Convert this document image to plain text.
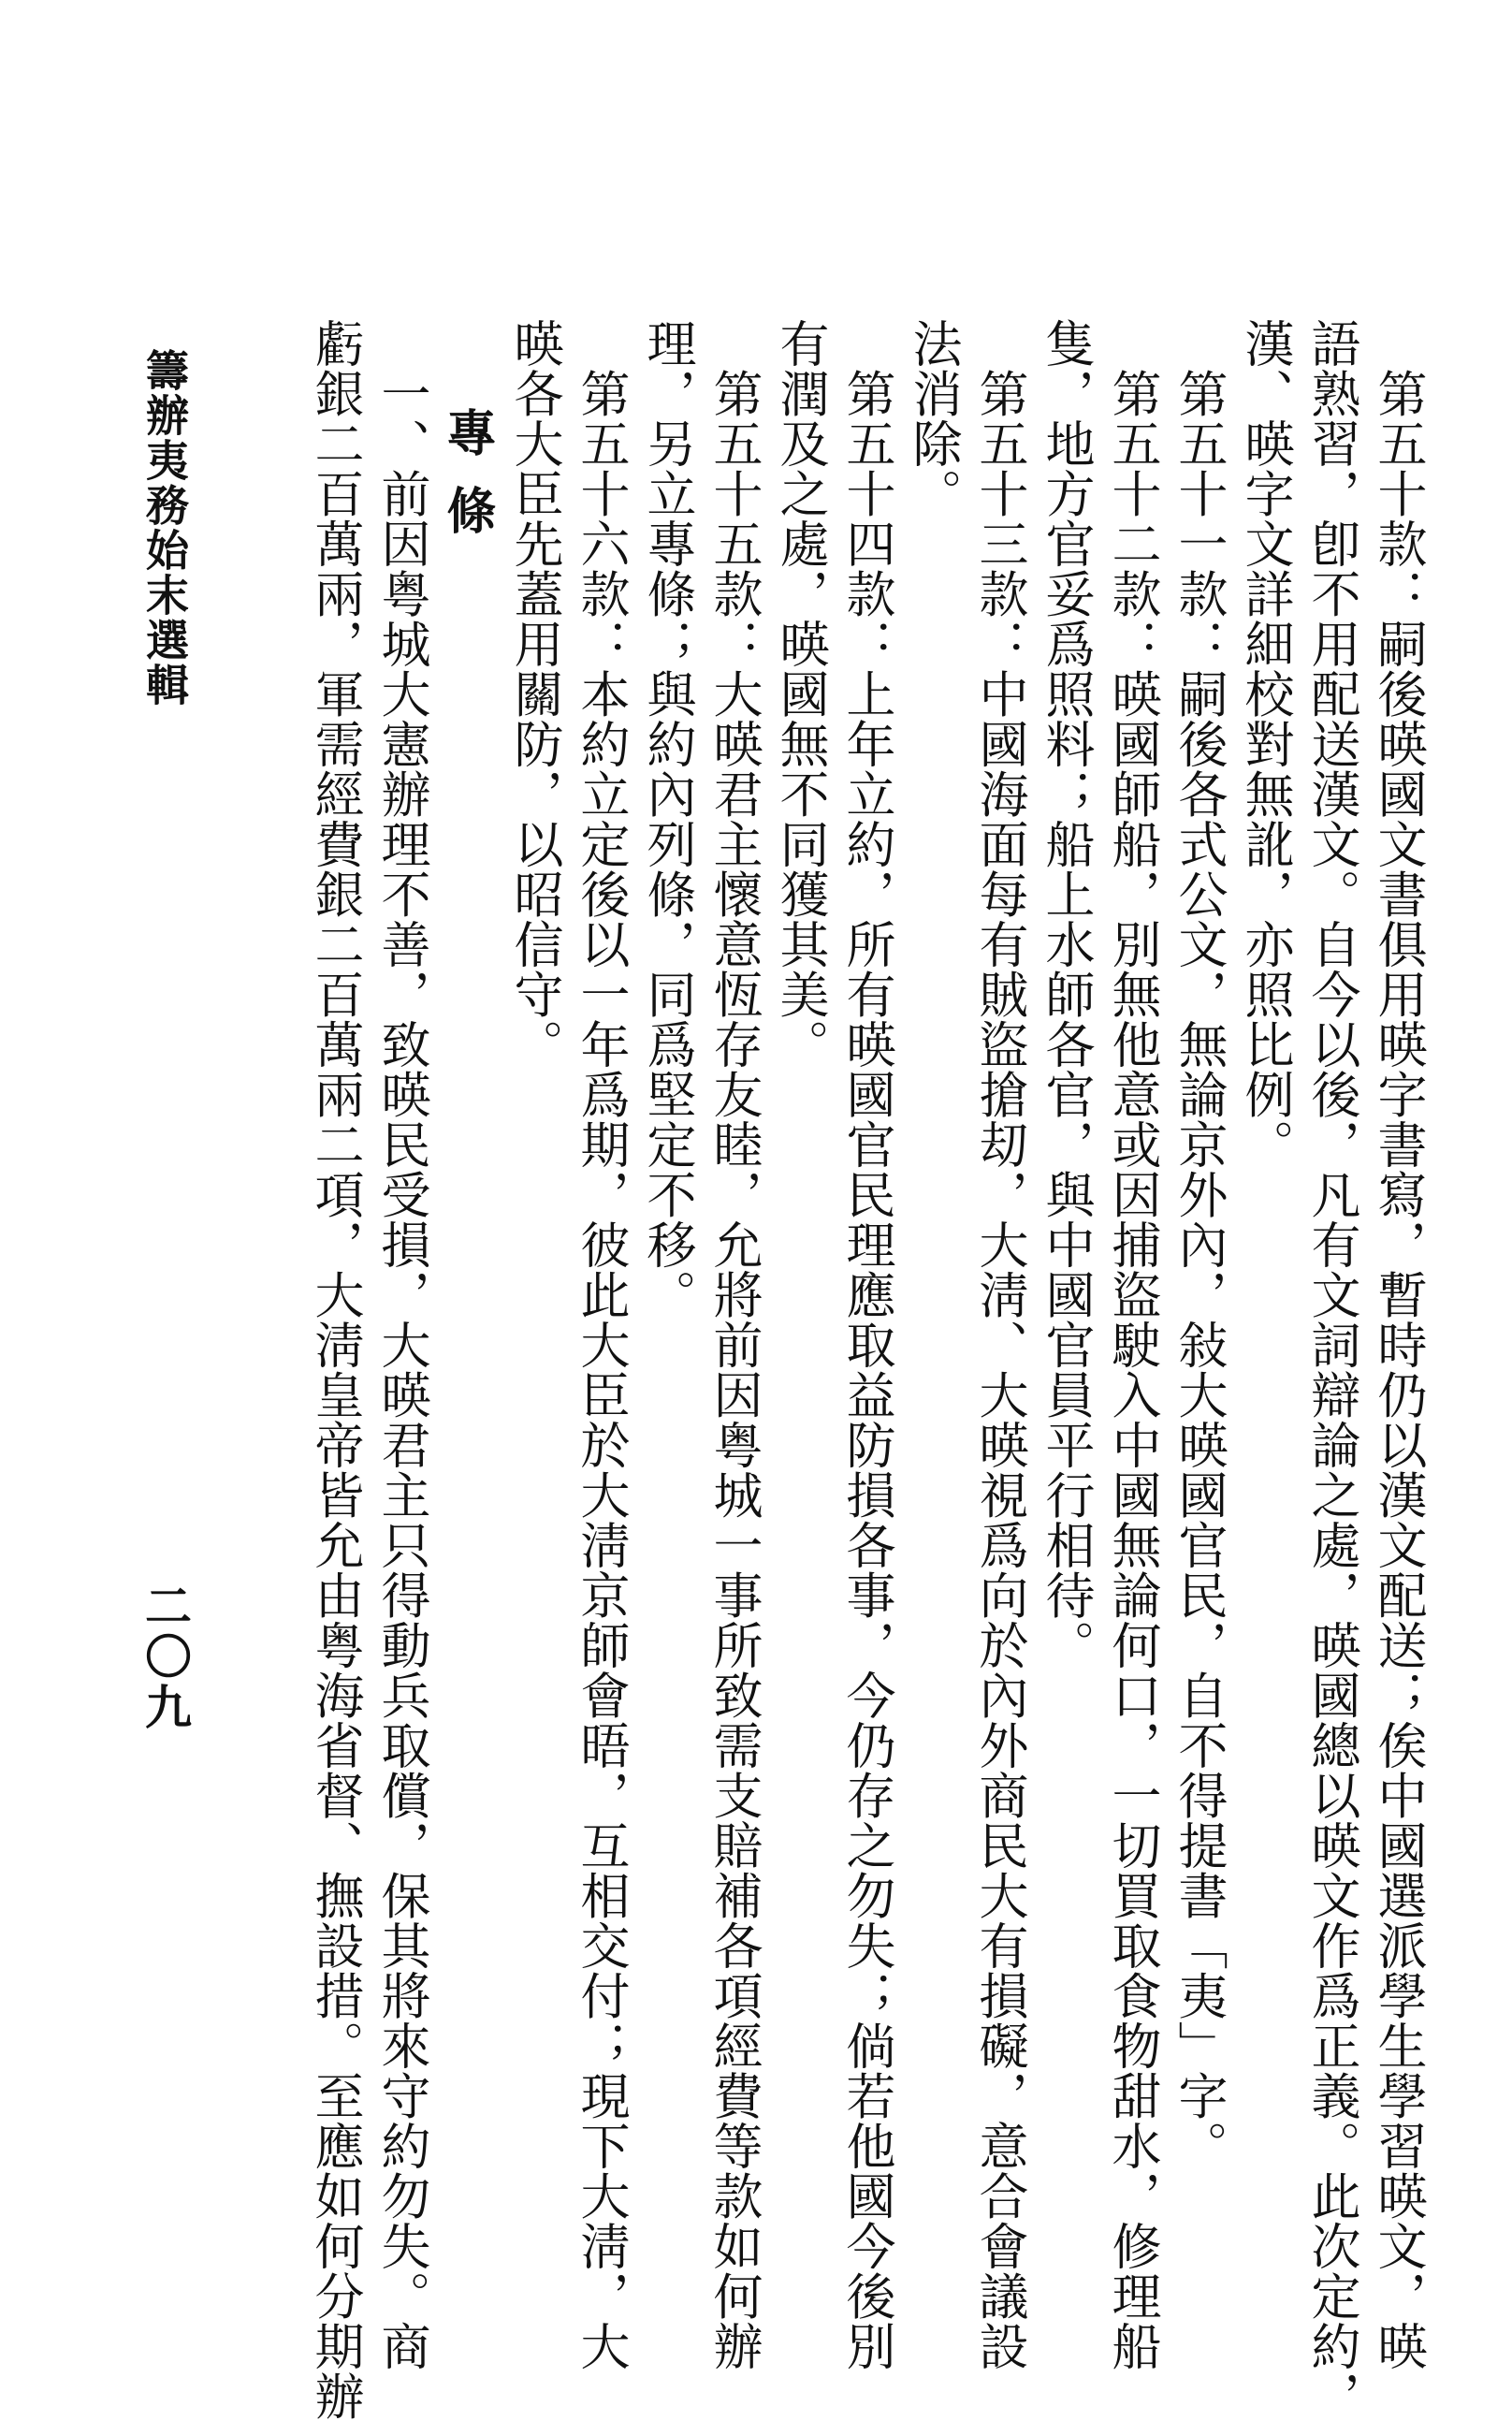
　第五十款：嗣後暎國文書俱用暎字書寫，暫時仍以漢文配送；俟中國選派學生學習暎文，暎
語熟習，卽不用配送漢文。自今以後，凡有文詞辯論之處，暎國總以暎文作爲正義。此次定約，
漢、暎字文詳細校對無訛，亦照比例。
　第五十一款：嗣後各式公文，無論京外內，敍大暎國官民，自不得提書「夷」字。
　第五十二款：暎國師船，別無他意或因捕盜駛入中國無論何口，一切買取食物甜水，修理船
隻，地方官妥爲照料；船上水師各官，與中國官員平行相待。
　第五十三款：中國海面每有賊盜搶刧，大淸、大暎視爲向於內外商民大有損礙，意合會議設
法消除。
　第五十四款：上年立約，所有暎國官民理應取益防損各事，今仍存之勿失；倘若他國今後別
有潤及之處，暎國無不同獲其美。
　第五十五款：大暎君主懷意恆存友睦，允將前因粤城一事所致需支賠補各項經費等款如何辦
理，另立專條；與約內列條，同爲堅定不移。
　第五十六款：本約立定後以一年爲期，彼此大臣於大淸京師會晤，互相交付；現下大淸，大
暎各大臣先蓋用關防，以昭信守。
專條
　一、前因粤城大憲辦理不善，致暎民受損，大暎君主只得動兵取償，保其將來守約勿失。商
虧銀二百萬兩，軍需經費銀二百萬兩二項，大淸皇帝皆允由粤海省督、撫設措。至應如何分期辦
二〇九
籌辦夷務始末選輯
